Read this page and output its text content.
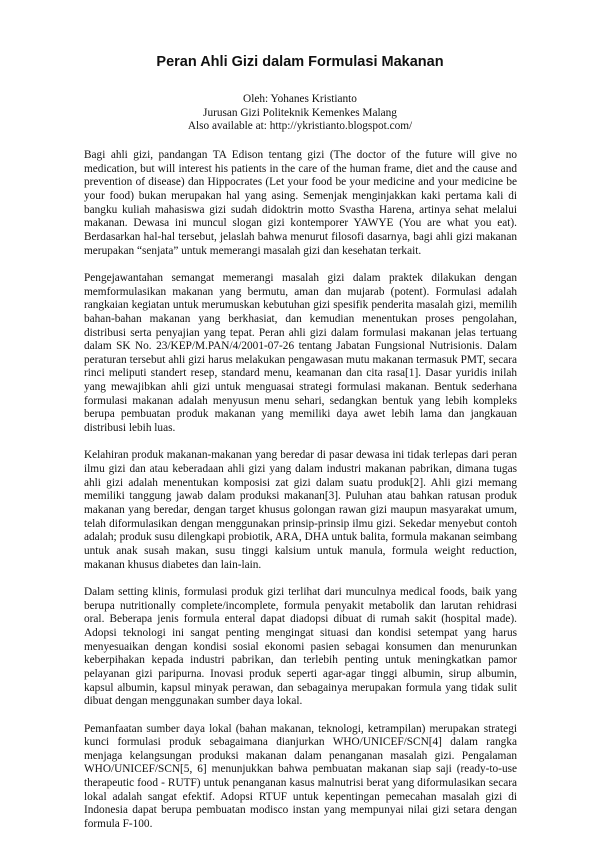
Peran Ahli Gizi dalam Formulasi Makanan
Oleh: Yohanes Kristianto
Jurusan Gizi Politeknik Kemenkes Malang
Also available at: http://ykristianto.blogspot.com/

Bagi ahli gizi, pandangan TA Edison tentang gizi (The doctor of the future will give no medication, but will interest his patients in the care of the human frame, diet and the cause and prevention of disease) dan Hippocrates (Let your food be your medicine and your medicine be your food) bukan merupakan hal yang asing. Semenjak menginjakkan kaki pertama kali di bangku kuliah mahasiswa gizi sudah didoktrin motto Svastha Harena, artinya sehat melalui makanan. Dewasa ini muncul slogan gizi kontemporer YAWYE (You are what you eat). Berdasarkan hal-hal tersebut, jelaslah bahwa menurut filosofi dasarnya, bagi ahli gizi makanan merupakan “senjata” untuk memerangi masalah gizi dan kesehatan terkait.

Pengejawantahan semangat memerangi masalah gizi dalam praktek dilakukan dengan memformulasikan makanan yang bermutu, aman dan mujarab (potent). Formulasi adalah rangkaian kegiatan untuk merumuskan kebutuhan gizi spesifik penderita masalah gizi, memilih bahan-bahan makanan yang berkhasiat, dan kemudian menentukan proses pengolahan, distribusi serta penyajian yang tepat. Peran ahli gizi dalam formulasi makanan jelas tertuang dalam SK No. 23/KEP/M.PAN/4/2001-07-26 tentang Jabatan Fungsional Nutrisionis. Dalam peraturan tersebut ahli gizi harus melakukan pengawasan mutu makanan termasuk PMT, secara rinci meliputi standert resep, standard menu, keamanan dan cita rasa[1]. Dasar yuridis inilah yang mewajibkan ahli gizi untuk menguasai strategi formulasi makanan. Bentuk sederhana formulasi makanan adalah menyusun menu sehari, sedangkan bentuk yang lebih kompleks berupa pembuatan produk makanan yang memiliki daya awet lebih lama dan jangkauan distribusi lebih luas.

Kelahiran produk makanan-makanan yang beredar di pasar dewasa ini tidak terlepas dari peran ilmu gizi dan atau keberadaan ahli gizi yang dalam industri makanan pabrikan, dimana tugas ahli gizi adalah menentukan komposisi zat gizi dalam suatu produk[2]. Ahli gizi memang memiliki tanggung jawab dalam produksi makanan[3]. Puluhan atau bahkan ratusan produk makanan yang beredar, dengan target khusus golongan rawan gizi maupun masyarakat umum, telah diformulasikan dengan menggunakan prinsip-prinsip ilmu gizi. Sekedar menyebut contoh adalah; produk susu dilengkapi probiotik, ARA, DHA untuk balita, formula makanan seimbang untuk anak susah makan, susu tinggi kalsium untuk manula, formula weight reduction, makanan khusus diabetes dan lain-lain.

Dalam setting klinis, formulasi produk gizi terlihat dari munculnya medical foods, baik yang berupa nutritionally complete/incomplete, formula penyakit metabolik dan larutan rehidrasi oral. Beberapa jenis formula enteral dapat diadopsi dibuat di rumah sakit (hospital made). Adopsi teknologi ini sangat penting mengingat situasi dan kondisi setempat yang harus menyesuaikan dengan kondisi sosial ekonomi pasien sebagai konsumen dan menurunkan keberpihakan kepada industri pabrikan, dan terlebih penting untuk meningkatkan pamor pelayanan gizi paripurna. Inovasi produk seperti agar-agar tinggi albumin, sirup albumin, kapsul albumin, kapsul minyak perawan, dan sebagainya merupakan formula yang tidak sulit dibuat dengan menggunakan sumber daya lokal.

Pemanfaatan sumber daya lokal (bahan makanan, teknologi, ketrampilan) merupakan strategi kunci formulasi produk sebagaimana dianjurkan WHO/UNICEF/SCN[4] dalam rangka menjaga kelangsungan produksi makanan dalam penanganan masalah gizi. Pengalaman WHO/UNICEF/SCN[5, 6] menunjukkan bahwa pembuatan makanan siap saji (ready-to-use therapeutic food - RUTF) untuk penanganan kasus malnutrisi berat yang diformulasikan secara lokal adalah sangat efektif. Adopsi RTUF untuk kepentingan pemecahan masalah gizi di Indonesia dapat berupa pembuatan modisco instan yang mempunyai nilai gizi setara dengan formula F-100.
